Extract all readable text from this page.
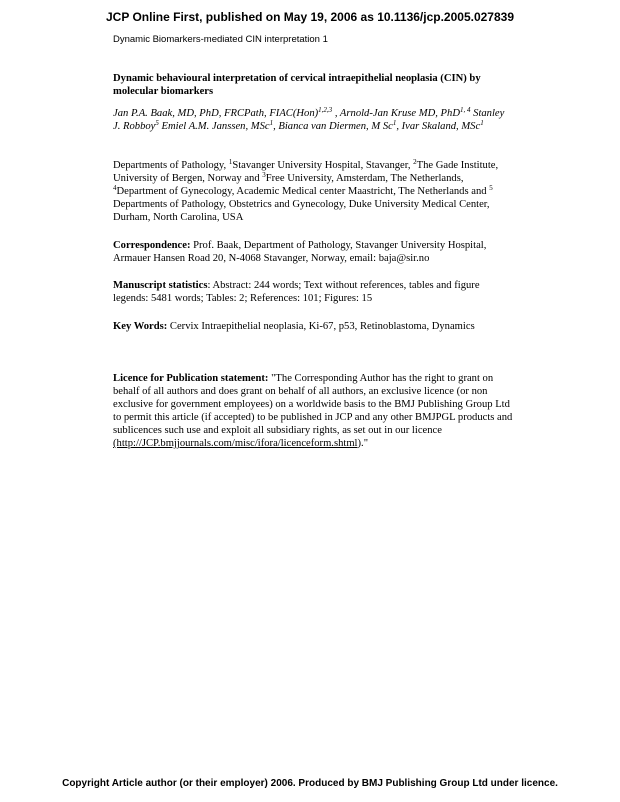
JCP Online First, published on May 19, 2006 as 10.1136/jcp.2005.027839
Dynamic Biomarkers-mediated CIN interpretation 1
Dynamic behavioural interpretation of cervical intraepithelial neoplasia (CIN) by molecular biomarkers
Jan P.A. Baak, MD, PhD, FRCPath, FIAC(Hon)$^{1,2,3}$ , Arnold-Jan Kruse MD, PhD$^{1, 4}$ Stanley J. Robboy$^5$ Emiel A.M. Janssen, MSc$^1$, Bianca van Diermen, M Sc$^1$, Ivar Skaland, MSc$^1$
Departments of Pathology, $^1$Stavanger University Hospital, Stavanger, $^2$The Gade Institute, University of Bergen, Norway and $^3$Free University, Amsterdam, The Netherlands, $^4$Department of Gynecology, Academic Medical center Maastricht, The Netherlands and $^5$ Departments of Pathology, Obstetrics and Gynecology, Duke University Medical Center, Durham, North Carolina, USA
Correspondence: Prof. Baak, Department of Pathology, Stavanger University Hospital, Armauer Hansen Road 20, N-4068 Stavanger, Norway, email: baja@sir.no
Manuscript statistics: Abstract: 244 words; Text without references, tables and figure legends: 5481 words; Tables: 2; References: 101; Figures: 15
Key Words: Cervix Intraepithelial neoplasia, Ki-67, p53, Retinoblastoma, Dynamics
Licence for Publication statement: "The Corresponding Author has the right to grant on behalf of all authors and does grant on behalf of all authors, an exclusive licence (or non exclusive for government employees) on a worldwide basis to the BMJ Publishing Group Ltd to permit this article (if accepted) to be published in JCP and any other BMJPGL products and sublicences such use and exploit all subsidiary rights, as set out in our licence (http://JCP.bmjjournals.com/misc/ifora/licenceform.shtml)."
Copyright Article author (or their employer) 2006. Produced by BMJ Publishing Group Ltd under licence.
